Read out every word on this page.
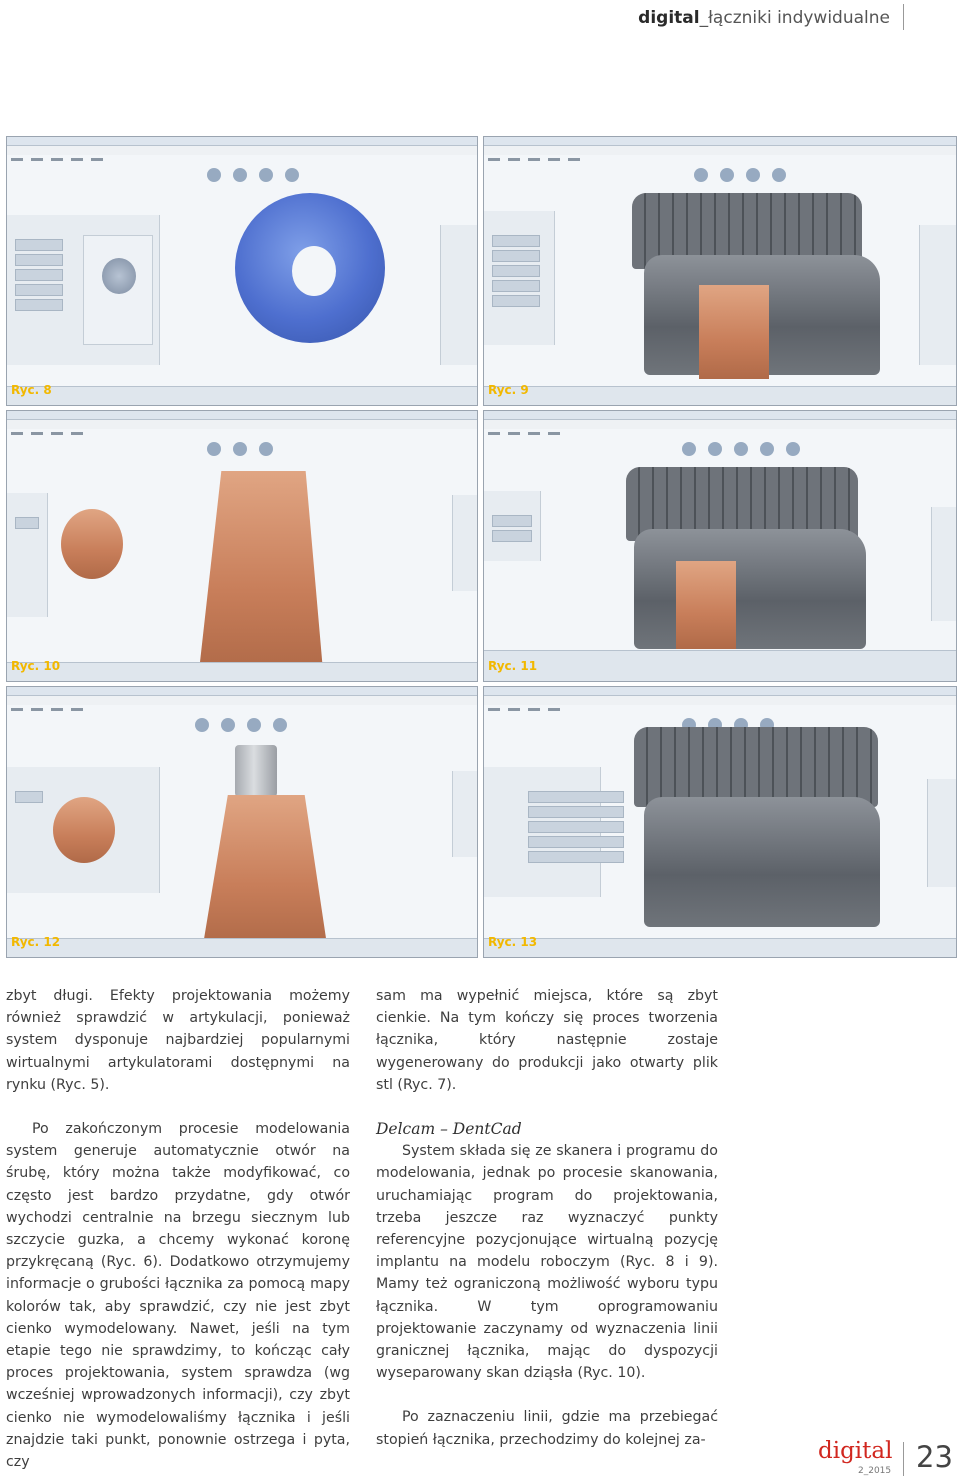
digital_łączniki indywidualne
Ryc. 8	Ryc. 9
Ryc. 10	Ryc. 11
Ryc. 12	Ryc. 13

zbyt długi. Efekty projektowania możemy również sprawdzić w artykulacji, ponieważ system dysponuje najbardziej popularnymi wirtualnymi artykulatorami dostępnymi na rynku (Ryc. 5).

Po zakończonym procesie modelowania system generuje automatycznie otwór na śrubę, który można także modyfikować, co często jest bardzo przydatne, gdy otwór wychodzi centralnie na brzegu siecznym lub szczycie guzka, a chcemy wykonać koronę przykręcaną (Ryc. 6). Dodatkowo otrzymujemy informacje o grubości łącznika za pomocą mapy kolorów tak, aby sprawdzić, czy nie jest zbyt cienko wymodelowany. Nawet, jeśli na tym etapie tego nie sprawdzimy, to kończąc cały proces projektowania, system sprawdza (wg wcześniej wprowadzonych informacji), czy zbyt cienko nie wymodelowaliśmy łącznika i jeśli znajdzie taki punkt, ponownie ostrzega i pyta, czy

sam ma wypełnić miejsca, które są zbyt cienkie. Na tym kończy się proces tworzenia łącznika, który następnie zostaje wygenerowany do produkcji jako otwarty plik stl (Ryc. 7).

Delcam – DentCad

System składa się ze skanera i programu do modelowania, jednak po procesie skanowania, uruchamiając program do projektowania, trzeba jeszcze raz wyznaczyć punkty referencyjne pozycjonujące wirtualną pozycję implantu na modelu roboczym (Ryc. 8 i 9). Mamy też ograniczoną możliwość wyboru typu łącznika. W tym oprogramowaniu projektowanie zaczynamy od wyznaczenia linii granicznej łącznika, mając do dyspozycji wyseparowany skan dziąsła (Ryc. 10).

Po zaznaczeniu linii, gdzie ma przebiegać stopień łącznika, przechodzimy do kolejnej za-	digital
2_2015 23
